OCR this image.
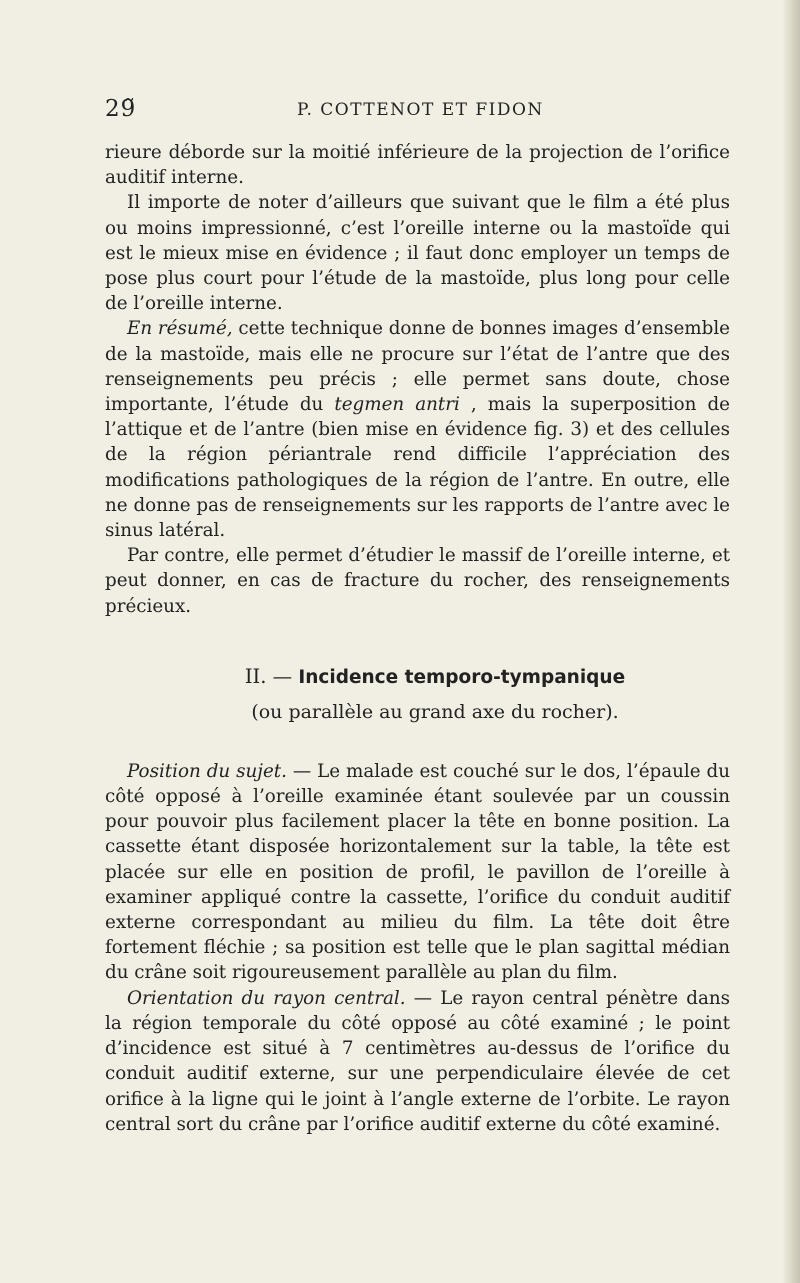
29̃	P. COTTENOT ET FIDON

rieure déborde sur la moitié inférieure de la projection de l’orifice auditif interne.

Il importe de noter d’ailleurs que suivant que le film a été plus ou moins impressionné, c’est l’oreille interne ou la mastoïde qui est le mieux mise en évidence ; il faut donc employer un temps de pose plus court pour l’étude de la mastoïde, plus long pour celle de l’oreille interne.

En résumé, cette technique donne de bonnes images d’ensemble de la mastoïde, mais elle ne procure sur l’état de l’antre que des renseignements peu précis ; elle permet sans doute, chose importante, l’étude du tegmen antri , mais la superposition de l’attique et de l’antre (bien mise en évidence fig. 3) et des cellules de la région périantrale rend difficile l’appréciation des modifications pathologiques de la région de l’antre. En outre, elle ne donne pas de renseignements sur les rapports de l’antre avec le sinus latéral.

Par contre, elle permet d’étudier le massif de l’oreille interne, et peut donner, en cas de fracture du rocher, des renseignements précieux.

II. — Incidence temporo-tympanique

(ou parallèle au grand axe du rocher).

Position du sujet. — Le malade est couché sur le dos, l’épaule du côté opposé à l’oreille examinée étant soulevée par un coussin pour pouvoir plus facilement placer la tête en bonne position. La cassette étant disposée horizontalement sur la table, la tête est placée sur elle en position de profil, le pavillon de l’oreille à examiner appliqué contre la cassette, l’orifice du conduit auditif externe correspondant au milieu du film. La tête doit être fortement fléchie ; sa position est telle que le plan sagittal médian du crâne soit rigoureusement parallèle au plan du film.

Orientation du rayon central. — Le rayon central pénètre dans la région temporale du côté opposé au côté examiné ; le point d’incidence est situé à 7 centimètres au-dessus de l’orifice du conduit auditif externe, sur une perpendiculaire élevée de cet orifice à la ligne qui le joint à l’angle externe de l’orbite. Le rayon central sort du crâne par l’orifice auditif externe du côté examiné.
